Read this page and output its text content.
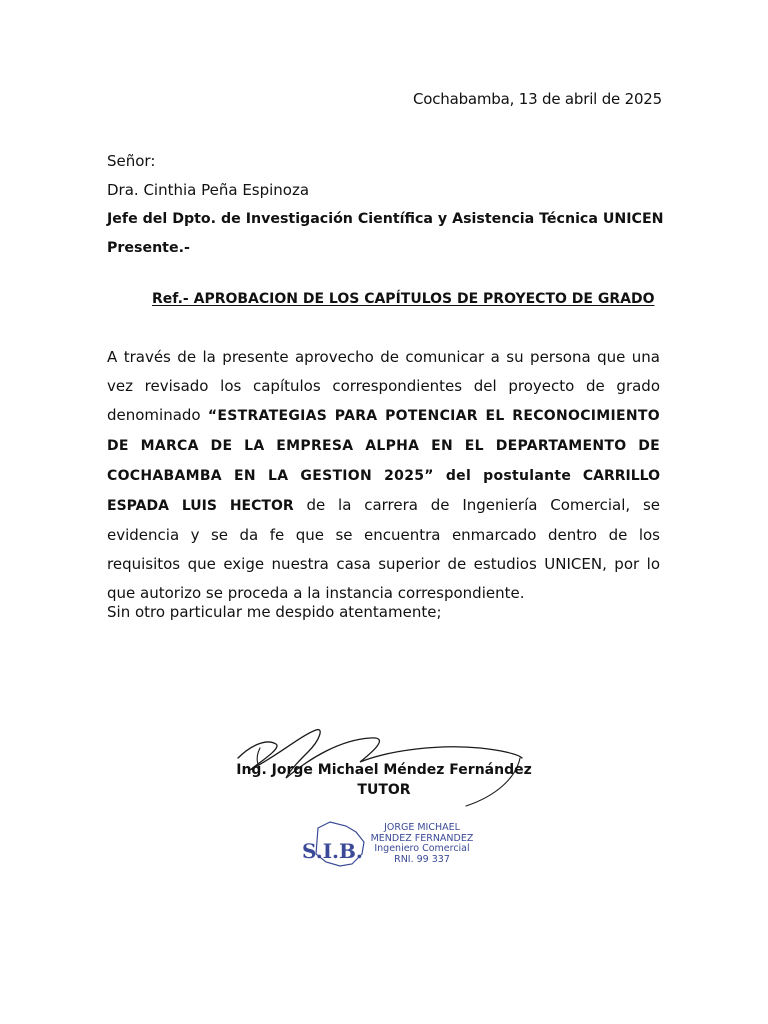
Cochabamba, 13 de abril de 2025
Señor:
Dra. Cinthia Peña Espinoza
Jefe del Dpto. de Investigación Científica y Asistencia Técnica UNICEN
Presente.-
Ref.- APROBACION DE LOS CAPÍTULOS DE PROYECTO DE GRADO
A través de la presente aprovecho de comunicar a su persona que una vez revisado los capítulos correspondientes del proyecto de grado denominado “ESTRATEGIAS PARA POTENCIAR EL RECONOCIMIENTO DE MARCA DE LA EMPRESA ALPHA EN EL DEPARTAMENTO DE COCHABAMBA EN LA GESTION 2025” del postulante CARRILLO ESPADA LUIS HECTOR de la carrera de Ingeniería Comercial, se evidencia y se da fe que se encuentra enmarcado dentro de los requisitos que exige nuestra casa superior de estudios UNICEN, por lo que autorizo se proceda a la instancia correspondiente.
Sin otro particular me despido atentamente;
Ing. Jorge Michael Méndez Fernández
TUTOR
S.I.B.
JORGE MICHAEL
MENDEZ FERNANDEZ
Ingeniero Comercial
RNI. 99 337
